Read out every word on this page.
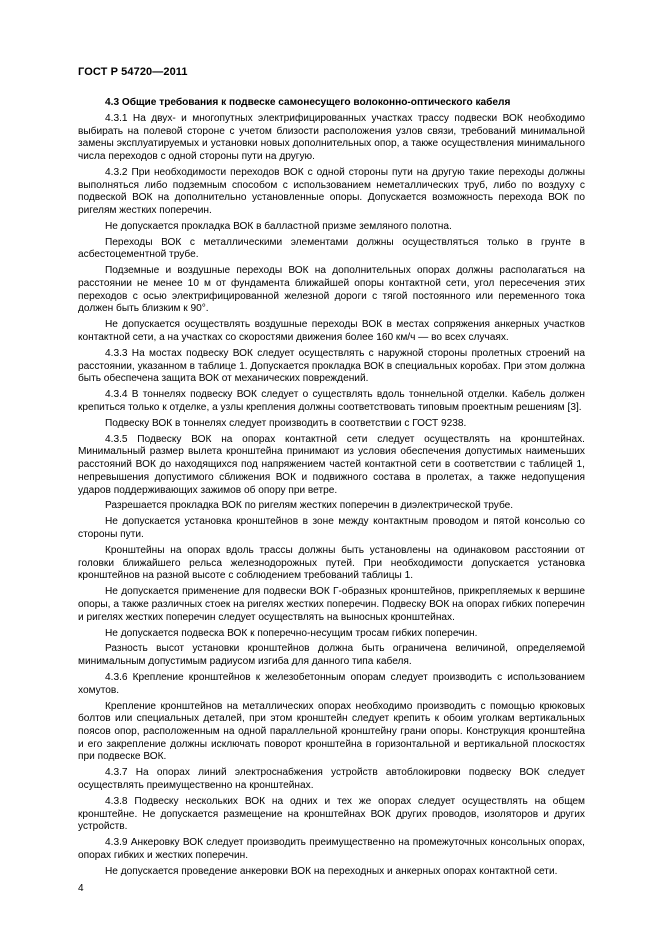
ГОСТ Р 54720—2011

4.3 Общие требования к подвеске самонесущего волоконно-оптического кабеля

4.3.1 На двух- и многопутных электрифицированных участках трассу подвески ВОК необходимо выбирать на полевой стороне с учетом близости расположения узлов связи, требований минимальной замены эксплуатируемых и установки новых дополнительных опор, а также осуществления минимального числа переходов с одной стороны пути на другую.

4.3.2 При необходимости переходов ВОК с одной стороны пути на другую такие переходы должны выполняться либо подземным способом с использованием неметаллических труб, либо по воздуху с подвеской ВОК на дополнительно установленные опоры. Допускается возможность перехода ВОК по ригелям жестких поперечин.

Не допускается прокладка ВОК в балластной призме земляного полотна.

Переходы ВОК с металлическими элементами должны осуществляться только в грунте в асбестоцементной трубе.

Подземные и воздушные переходы ВОК на дополнительных опорах должны располагаться на расстоянии не менее 10 м от фундамента ближайшей опоры контактной сети, угол пересечения этих переходов с осью электрифицированной железной дороги с тягой постоянного или переменного тока должен быть близким к 90°.

Не допускается осуществлять воздушные переходы ВОК в местах сопряжения анкерных участков контактной сети, а на участках со скоростями движения более 160 км/ч — во всех случаях.

4.3.3 На мостах подвеску ВОК следует осуществлять с наружной стороны пролетных строений на расстоянии, указанном в таблице 1. Допускается прокладка ВОК в специальных коробах. При этом должна быть обеспечена защита ВОК от механических повреждений.

4.3.4 В тоннелях подвеску ВОК следует о существлять вдоль тоннельной отделки. Кабель должен крепиться только к отделке, а узлы крепления должны соответствовать типовым проектным решениям [3].

Подвеску ВОК в тоннелях следует производить в соответствии с ГОСТ 9238.

4.3.5 Подвеску ВОК на опорах контактной сети следует осуществлять на кронштейнах. Минимальный размер вылета кронштейна принимают из условия обеспечения допустимых наименьших расстояний ВОК до находящихся под напряжением частей контактной сети в соответствии с таблицей 1, непревышения допустимого сближения ВОК и подвижного состава в пролетах, а также недопущения ударов поддерживающих зажимов об опору при ветре.

Разрешается прокладка ВОК по ригелям жестких поперечин в диэлектрической трубе.

Не допускается установка кронштейнов в зоне между контактным проводом и пятой консолью со стороны пути.

Кронштейны на опорах вдоль трассы должны быть установлены на одинаковом расстоянии от головки ближайшего рельса железнодорожных путей. При необходимости допускается установка кронштейнов на разной высоте с соблюдением требований таблицы 1.

Не допускается применение для подвески ВОК Г-образных кронштейнов, прикрепляемых к вершине опоры, а также различных стоек на ригелях жестких поперечин. Подвеску ВОК на опорах гибких поперечин и ригелях жестких поперечин следует осуществлять на выносных кронштейнах.

Не допускается подвеска ВОК к поперечно-несущим тросам гибких поперечин.

Разность высот установки кронштейнов должна быть ограничена величиной, определяемой минимальным допустимым радиусом изгиба для данного типа кабеля.

4.3.6 Крепление кронштейнов к железобетонным опорам следует производить с использованием хомутов.

Крепление кронштейнов на металлических опорах необходимо производить с помощью крюковых болтов или специальных деталей, при этом кронштейн следует крепить к обоим уголкам вертикальных поясов опор, расположенным на одной параллельной кронштейну грани опоры. Конструкция кронштейна и его закрепление должны исключать поворот кронштейна в горизонтальной и вертикальной плоскостях при подвеске ВОК.

4.3.7 На опорах линий электроснабжения устройств автоблокировки подвеску ВОК следует осуществлять преимущественно на кронштейнах.

4.3.8 Подвеску нескольких ВОК на одних и тех же опорах следует осуществлять на общем кронштейне. Не допускается размещение на кронштейнах ВОК других проводов, изоляторов и других устройств.

4.3.9 Анкеровку ВОК следует производить преимущественно на промежуточных консольных опорах, опорах гибких и жестких поперечин.

Не допускается проведение анкеровки ВОК на переходных и анкерных опорах контактной сети.

4
